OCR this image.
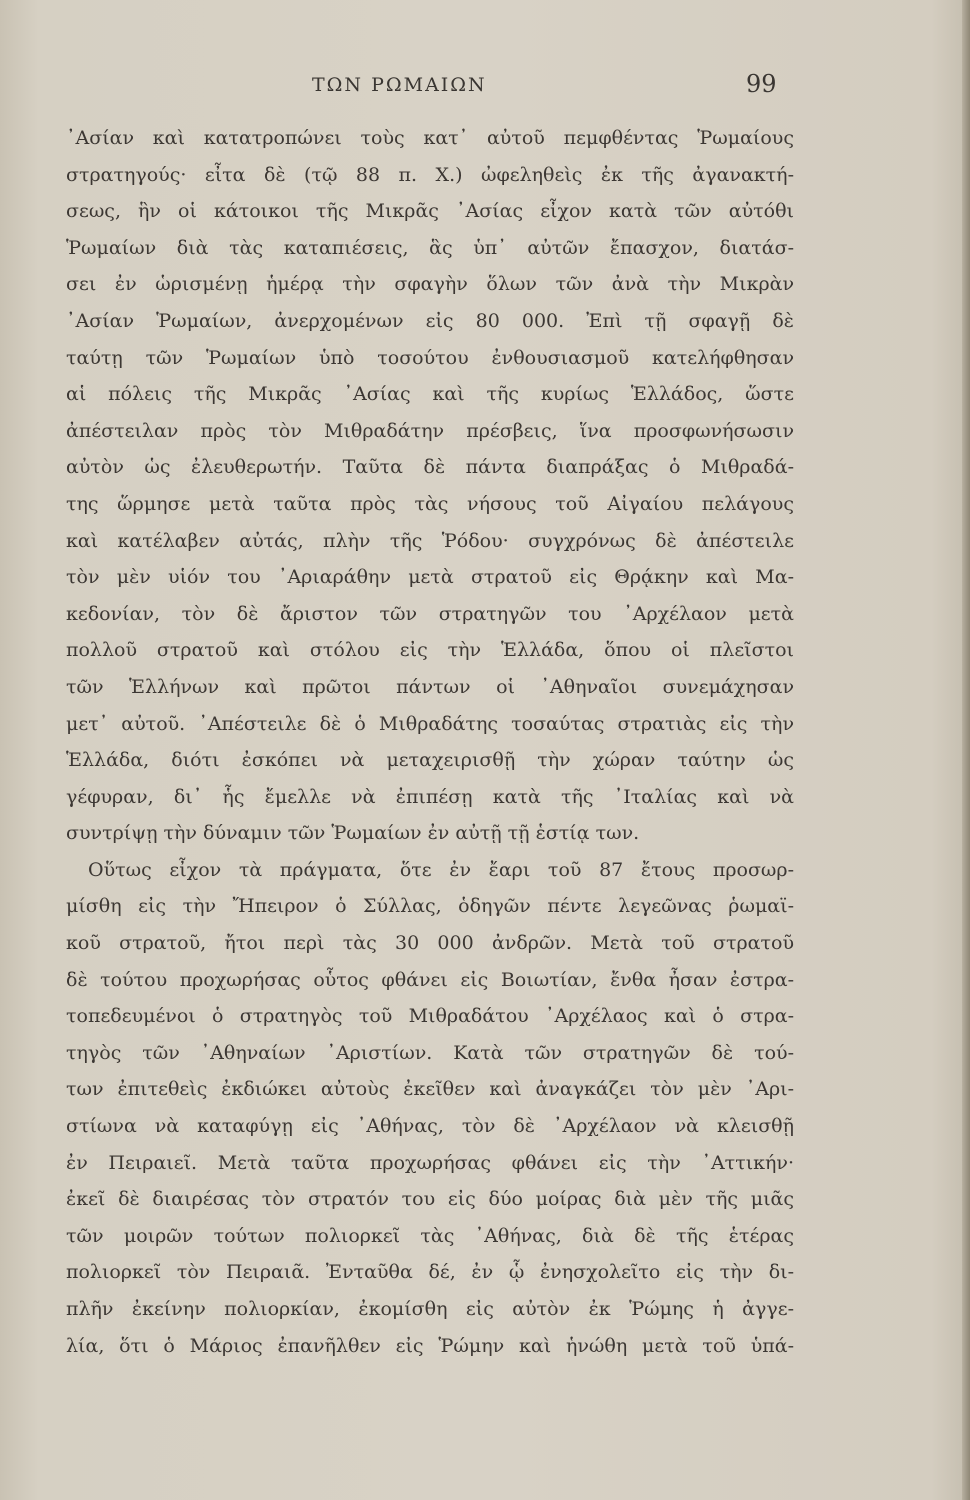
ΤΩΝ ΡΩΜΑΙΩΝ	99
᾿Ασίαν καὶ κατατροπώνει τοὺς κατ᾽ αὐτοῦ πεμφθέντας Ῥωμαίους
στρατηγούς· εἶτα δὲ (τῷ 88 π. Χ.) ὠφεληθεὶς ἐκ τῆς ἀγανακτή-
σεως, ἣν οἱ κάτοικοι τῆς Μικρᾶς ᾿Ασίας εἶχον κατὰ τῶν αὐτόθι
Ῥωμαίων διὰ τὰς καταπιέσεις, ἃς ὑπ᾽ αὐτῶν ἔπασχον, διατάσ-
σει ἐν ὡρισμένῃ ἡμέρᾳ τὴν σφαγὴν ὅλων τῶν ἀνὰ τὴν Μικρὰν
᾿Ασίαν Ῥωμαίων, ἀνερχομένων εἰς 80 000. Ἐπὶ τῇ σφαγῇ δὲ
ταύτῃ τῶν Ῥωμαίων ὑπὸ τοσούτου ἐνθουσιασμοῦ κατελήφθησαν
αἱ πόλεις τῆς Μικρᾶς ᾿Ασίας καὶ τῆς κυρίως Ἑλλάδος, ὥστε
ἀπέστειλαν πρὸς τὸν Μιθραδάτην πρέσβεις, ἵνα προσφωνήσωσιν
αὐτὸν ὡς ἐλευθερωτήν. Ταῦτα δὲ πάντα διαπράξας ὁ Μιθραδά-
της ὥρμησε μετὰ ταῦτα πρὸς τὰς νήσους τοῦ Αἰγαίου πελάγους
καὶ κατέλαβεν αὐτάς, πλὴν τῆς Ῥόδου· συγχρόνως δὲ ἀπέστειλε
τὸν μὲν υἱόν του ᾿Αριαράθην μετὰ στρατοῦ εἰς Θρᾴκην καὶ Μα-
κεδονίαν, τὸν δὲ ἄριστον τῶν στρατηγῶν του ᾿Αρχέλαον μετὰ
πολλοῦ στρατοῦ καὶ στόλου εἰς τὴν Ἑλλάδα, ὅπου οἱ πλεῖστοι
τῶν Ἑλλήνων καὶ πρῶτοι πάντων οἱ ᾿Αθηναῖοι συνεμάχησαν
μετ᾽ αὐτοῦ. ᾿Απέστειλε δὲ ὁ Μιθραδάτης τοσαύτας στρατιὰς εἰς τὴν
Ἑλλάδα, διότι ἐσκόπει νὰ μεταχειρισθῇ τὴν χώραν ταύτην ὡς
γέφυραν, δι᾽ ἧς ἔμελλε νὰ ἐπιπέσῃ κατὰ τῆς ᾿Ιταλίας καὶ νὰ
συντρίψῃ τὴν δύναμιν τῶν Ῥωμαίων ἐν αὐτῇ τῇ ἑστίᾳ των.
Οὕτως εἶχον τὰ πράγματα, ὅτε ἐν ἔαρι τοῦ 87 ἔτους προσωρ-
μίσθη εἰς τὴν Ἤπειρον ὁ Σύλλας, ὁδηγῶν πέντε λεγεῶνας ῥωμαϊ-
κοῦ στρατοῦ, ἤτοι περὶ τὰς 30 000 ἀνδρῶν. Μετὰ τοῦ στρατοῦ
δὲ τούτου προχωρήσας οὗτος φθάνει εἰς Βοιωτίαν, ἔνθα ἦσαν ἐστρα-
τοπεδευμένοι ὁ στρατηγὸς τοῦ Μιθραδάτου ᾿Αρχέλαος καὶ ὁ στρα-
τηγὸς τῶν ᾿Αθηναίων ᾿Αριστίων. Κατὰ τῶν στρατηγῶν δὲ τού-
των ἐπιτεθεὶς ἐκδιώκει αὐτοὺς ἐκεῖθεν καὶ ἀναγκάζει τὸν μὲν ᾿Αρι-
στίωνα νὰ καταφύγῃ εἰς ᾿Αθήνας, τὸν δὲ ᾿Αρχέλαον νὰ κλεισθῇ
ἐν Πειραιεῖ. Μετὰ ταῦτα προχωρήσας φθάνει εἰς τὴν ᾿Αττικήν·
ἐκεῖ δὲ διαιρέσας τὸν στρατόν του εἰς δύο μοίρας διὰ μὲν τῆς μιᾶς
τῶν μοιρῶν τούτων πολιορκεῖ τὰς ᾿Αθήνας, διὰ δὲ τῆς ἑτέρας
πολιορκεῖ τὸν Πειραιᾶ. Ἐνταῦθα δέ, ἐν ᾧ ἐνησχολεῖτο εἰς τὴν δι-
πλῆν ἐκείνην πολιορκίαν, ἐκομίσθη εἰς αὐτὸν ἐκ Ῥώμης ἡ ἀγγε-
λία, ὅτι ὁ Μάριος ἐπανῆλθεν εἰς Ῥώμην καὶ ἡνώθη μετὰ τοῦ ὑπά-
